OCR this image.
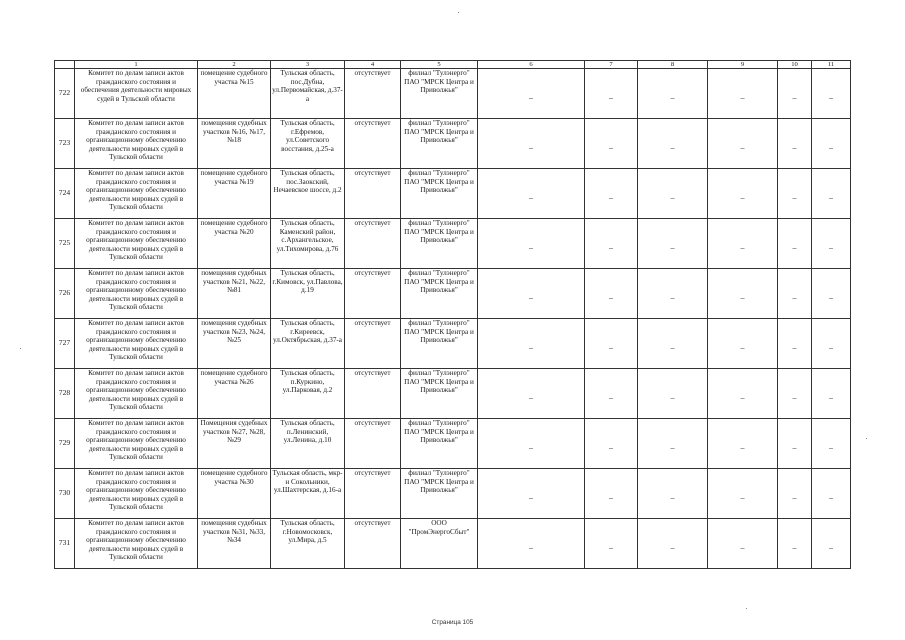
	1	2	3	4	5	6	7	8	9	10	11
722	Комитет по делам записи актов гражданского состояния и обеспечения деятельности мировых судей в Тульской области	помещение судебного участка №15	Тульская область, пос.Дубна, ул.Первомайская, д.37-а	отсутствует	филиал "Тулэнерго" ПАО "МРСК Центра и Приволжья"	–	–	–	–	–	–
723	Комитет по делам записи актов гражданского состояния и организационному обеспечению деятельности мировых судей в Тульской области	помещения судебных участков №16, №17, №18	Тульская область, г.Ефремов, ул.Советского восстания, д.25-а	отсутствует	филиал "Тулэнерго" ПАО "МРСК Центра и Приволжья"	–	–	–	–	–	–
724	Комитет по делам записи актов гражданского состояния и организационному обеспечению деятельности мировых судей в Тульской области	помещение судебного участка №19	Тульская область, пос.Заокский, Нечаевское шоссе, д.2	отсутствует	филиал "Тулэнерго" ПАО "МРСК Центра и Приволжья"	–	–	–	–	–	–
725	Комитет по делам записи актов гражданского состояния и организационному обеспечению деятельности мировых судей в Тульской области	помещение судебного участка №20	Тульская область, Каменский район, с.Архангельское, ул.Тихомирова, д.76	отсутствует	филиал "Тулэнерго" ПАО "МРСК Центра и Приволжья"	–	–	–	–	–	–
726	Комитет по делам записи актов гражданского состояния и организационному обеспечению деятельности мировых судей в Тульской области	помещения судебных участков №21, №22, №81	Тульская область, г.Кимовск, ул.Павлова, д.19	отсутствует	филиал "Тулэнерго" ПАО "МРСК Центра и Приволжья"	–	–	–	–	–	–
727	Комитет по делам записи актов гражданского состояния и организационному обеспечению деятельности мировых судей в Тульской области	помещения судебных участков №23, №24, №25	Тульская область, г.Киреевск, ул.Октябрьская, д.37-а	отсутствует	филиал "Тулэнерго" ПАО "МРСК Центра и Приволжья"	–	–	–	–	–	–
728	Комитет по делам записи актов гражданского состояния и организационному обеспечению деятельности мировых судей в Тульской области	помещение судебного участка №26	Тульская область, п.Куркино, ул.Парковая, д.2	отсутствует	филиал "Тулэнерго" ПАО "МРСК Центра и Приволжья"	–	–	–	–	–	–
729	Комитет по делам записи актов гражданского состояния и организационному обеспечению деятельности мировых судей в Тульской области	Помещения судебных участков №27, №28, №29	Тульская область, п.Ленинский, ул.Ленина, д.10	отсутствует	филиал "Тулэнерго" ПАО "МРСК Центра и Приволжья"	–	–	–	–	–	–
730	Комитет по делам записи актов гражданского состояния и организационному обеспечению деятельности мировых судей в Тульской области	помещение судебного участка №30	Тульская область, мкр-н Сокольники, ул.Шахтерская, д.16-а	отсутствует	филиал "Тулэнерго" ПАО "МРСК Центра и Приволжья"	–	–	–	–	–	–
731	Комитет по делам записи актов гражданского состояния и организационному обеспечению деятельности мировых судей в Тульской области	помещения судебных участков №31, №33, №34	Тульская область, г.Новомосковск, ул.Мира, д.5	отсутствует	ООО "ПромЭнергоСбыт"	–	–	–	–	–	–
Страница 105
